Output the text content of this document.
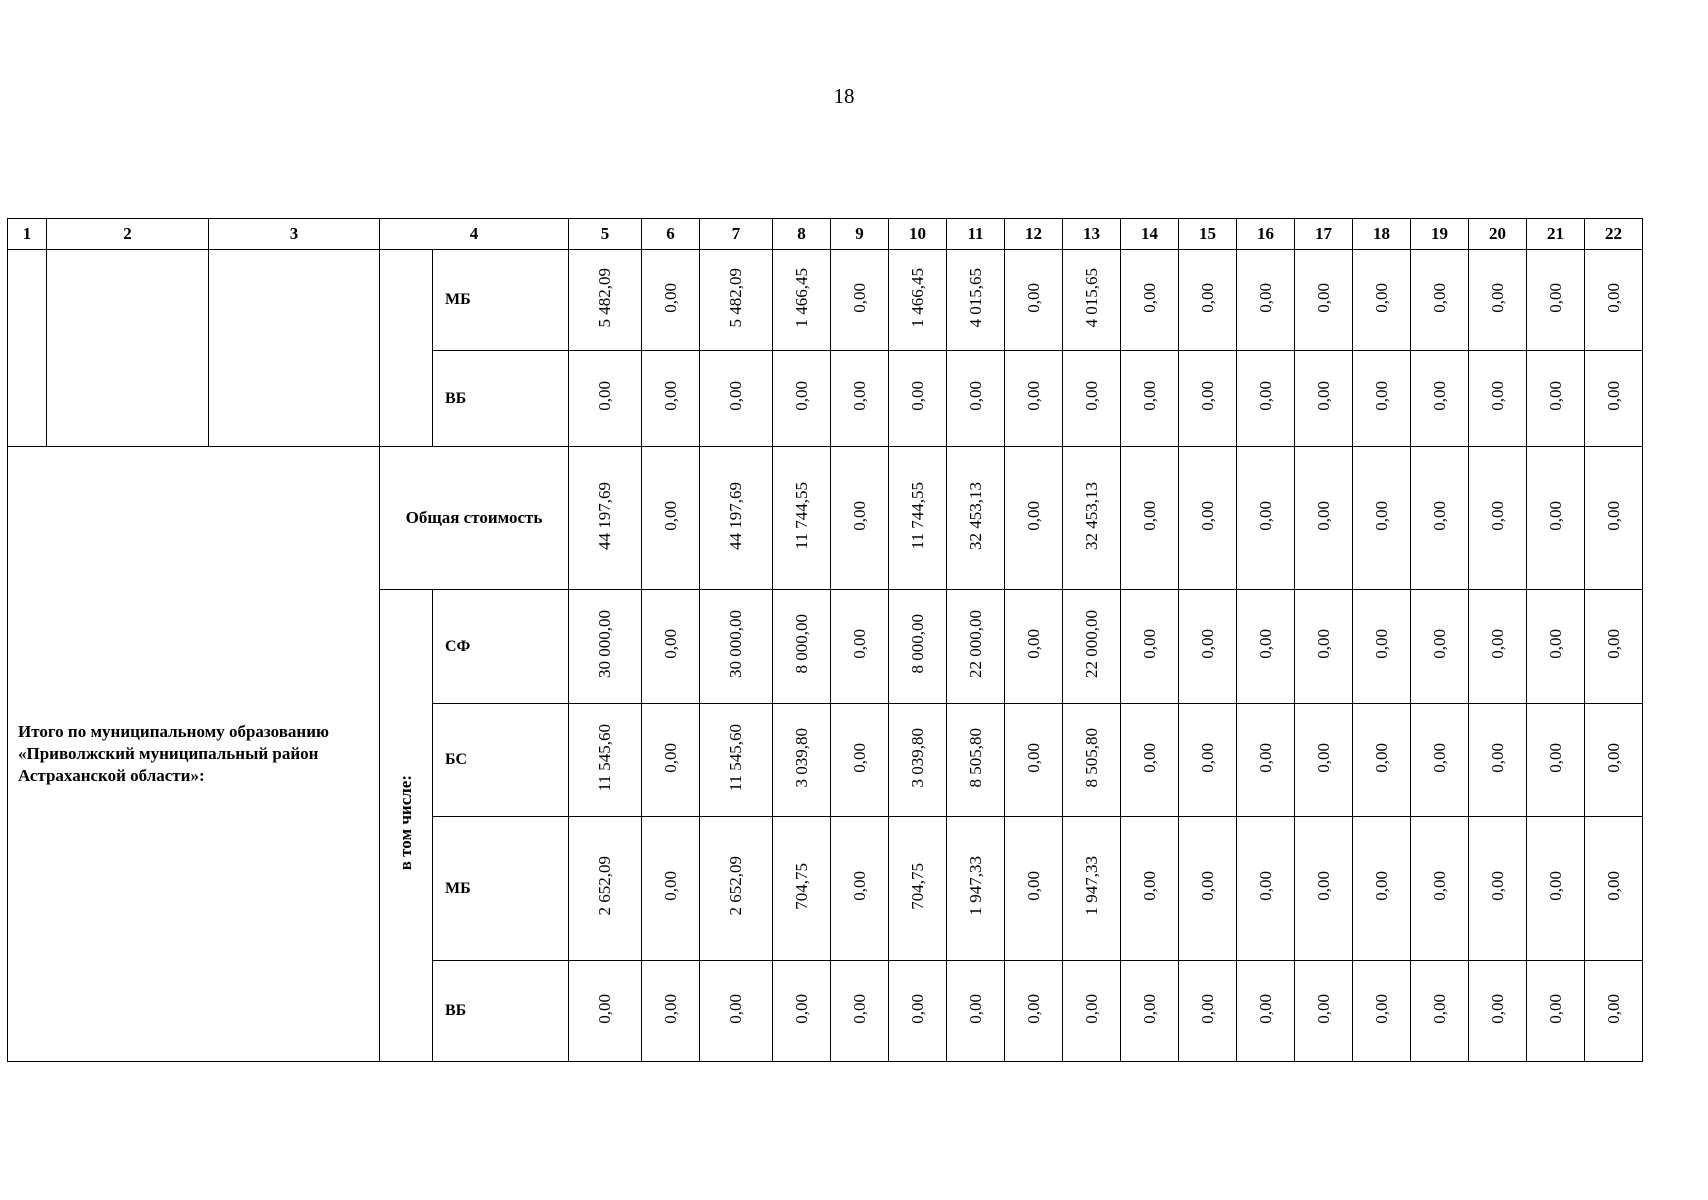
18
1	2	3	4		5	6	7	8	9	10	11	12	13	14	15	16	17	18	19	20	21	22
				МБ	5 482,09	0,00	5 482,09	1 466,45	0,00	1 466,45	4 015,65	0,00	4 015,65	0,00	0,00	0,00	0,00	0,00	0,00	0,00	0,00	0,00
				ВБ	0,00	0,00	0,00	0,00	0,00	0,00	0,00	0,00	0,00	0,00	0,00	0,00	0,00	0,00	0,00	0,00	0,00	0,00
Итого по муниципальному образованию «Приволжский муниципальный район Астраханской области»:			Общая стоимость		44 197,69	0,00	44 197,69	11 744,55	0,00	11 744,55	32 453,13	0,00	32 453,13	0,00	0,00	0,00	0,00	0,00	0,00	0,00	0,00	0,00
			в том числе:	СФ	30 000,00	0,00	30 000,00	8 000,00	0,00	8 000,00	22 000,00	0,00	22 000,00	0,00	0,00	0,00	0,00	0,00	0,00	0,00	0,00	0,00
				БС	11 545,60	0,00	11 545,60	3 039,80	0,00	3 039,80	8 505,80	0,00	8 505,80	0,00	0,00	0,00	0,00	0,00	0,00	0,00	0,00	0,00
				МБ	2 652,09	0,00	2 652,09	704,75	0,00	704,75	1 947,33	0,00	1 947,33	0,00	0,00	0,00	0,00	0,00	0,00	0,00	0,00	0,00
				ВБ	0,00	0,00	0,00	0,00	0,00	0,00	0,00	0,00	0,00	0,00	0,00	0,00	0,00	0,00	0,00	0,00	0,00	0,00
